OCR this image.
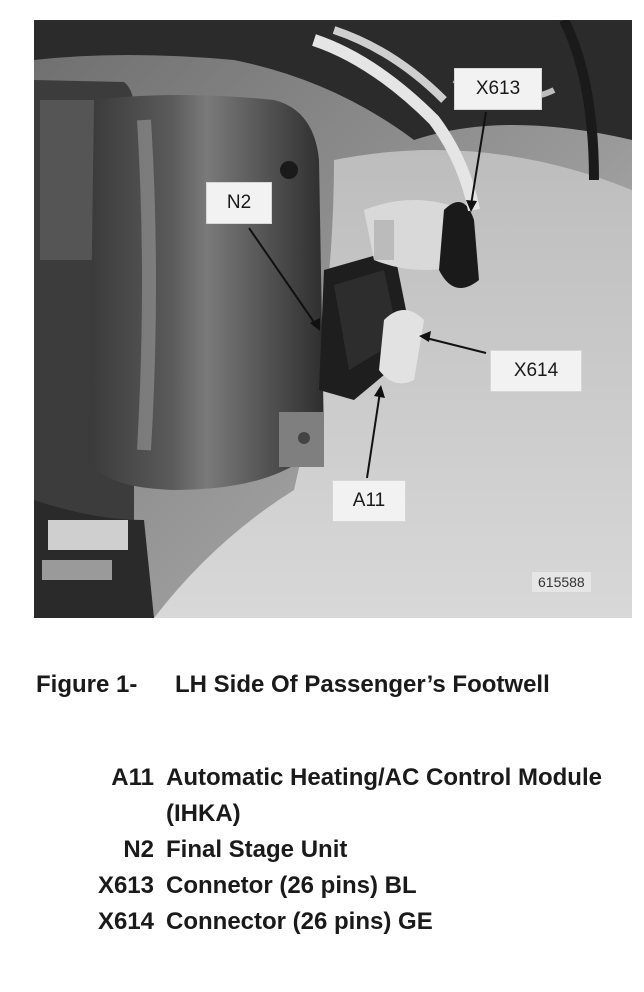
X613
N2
X614
A11
615588
Figure 1- LH Side Of Passenger’s Footwell
A11 Automatic Heating/AC Control Module (IHKA)
N2 Final Stage Unit
X613 Connetor (26 pins) BL
X614 Connector (26 pins) GE
